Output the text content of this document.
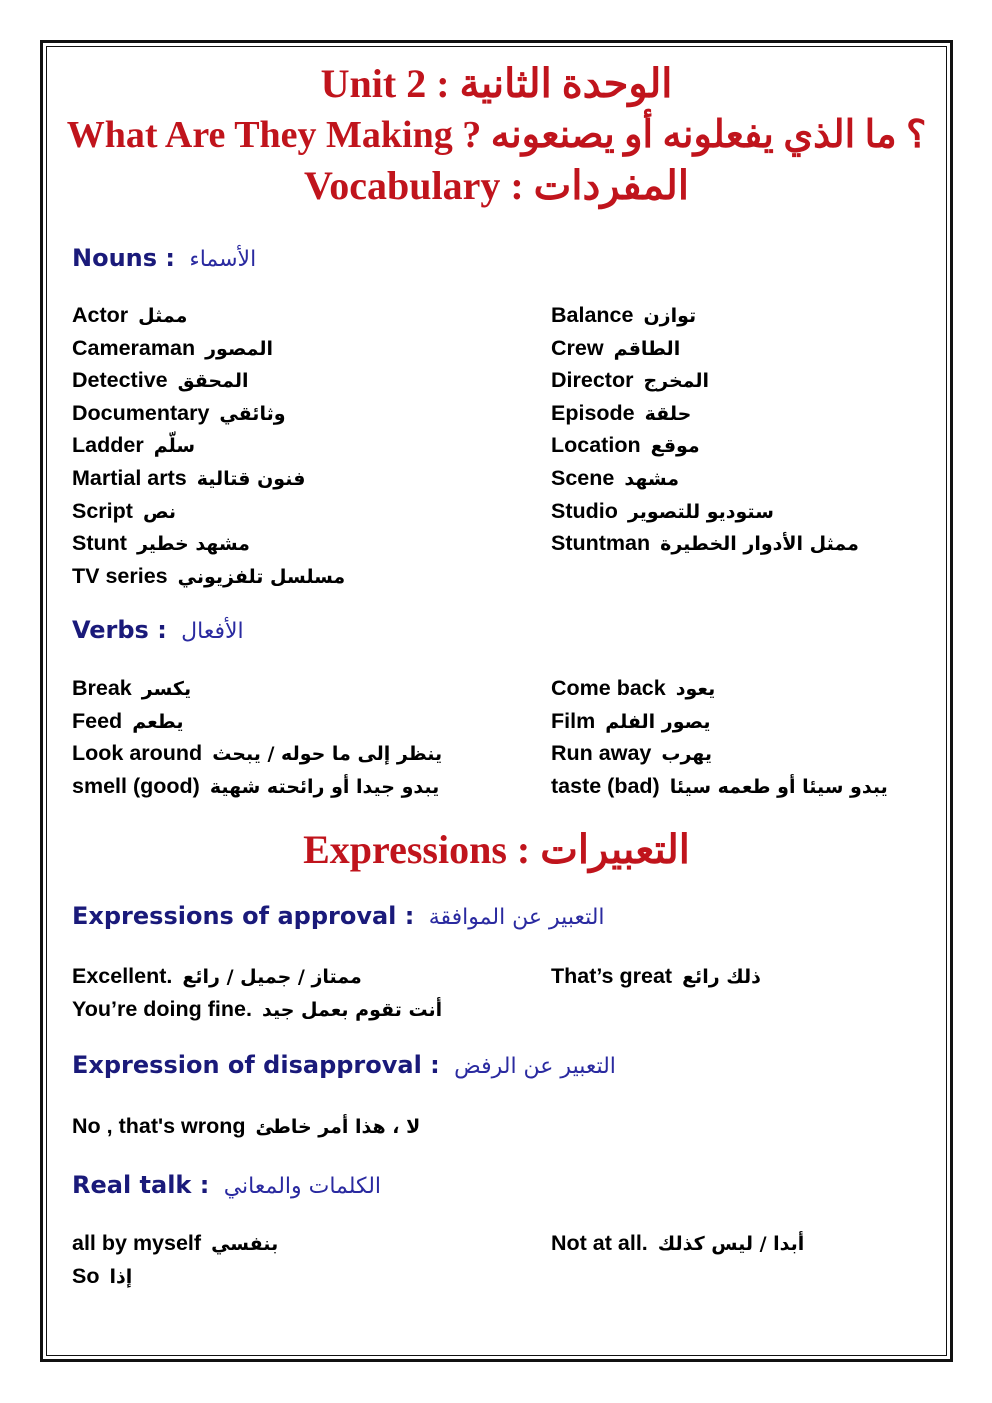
Unit 2 : الوحدة الثانية
What Are They Making ? ؟ ما الذي يفعلونه أو يصنعونه
Vocabulary : المفردات
Nouns : الأسماء
Actor ممثل
Cameraman المصور
Detective المحقق
Documentary وثائقي
Ladder سلّم
Martial arts فنون قتالية
Script نص
Stunt مشهد خطير
TV series مسلسل تلفزيوني
Balance توازن
Crew الطاقم
Director المخرج
Episode حلقة
Location موقع
Scene مشهد
Studio ستوديو للتصوير
Stuntman ممثل الأدوار الخطيرة
Verbs : الأفعال
Break يكسر
Feed يطعم
Look around ينظر إلى ما حوله / يبحث
smell (good) يبدو جيدا أو رائحته شهية
Come back يعود
Film يصور الفلم
Run away يهرب
taste (bad) يبدو سيئا أو طعمه سيئا
Expressions : التعبيرات
Expressions of approval : التعبير عن الموافقة
Excellent. ممتاز / جميل / رائع
You’re doing fine. أنت تقوم بعمل جيد
That’s great ذلك رائع
Expression of disapproval : التعبير عن الرفض
No , that's wrong لا ، هذا أمر خاطئ
Real talk : الكلمات والمعاني
all by myself بنفسي
So إذا
Not at all. أبدا / ليس كذلك
